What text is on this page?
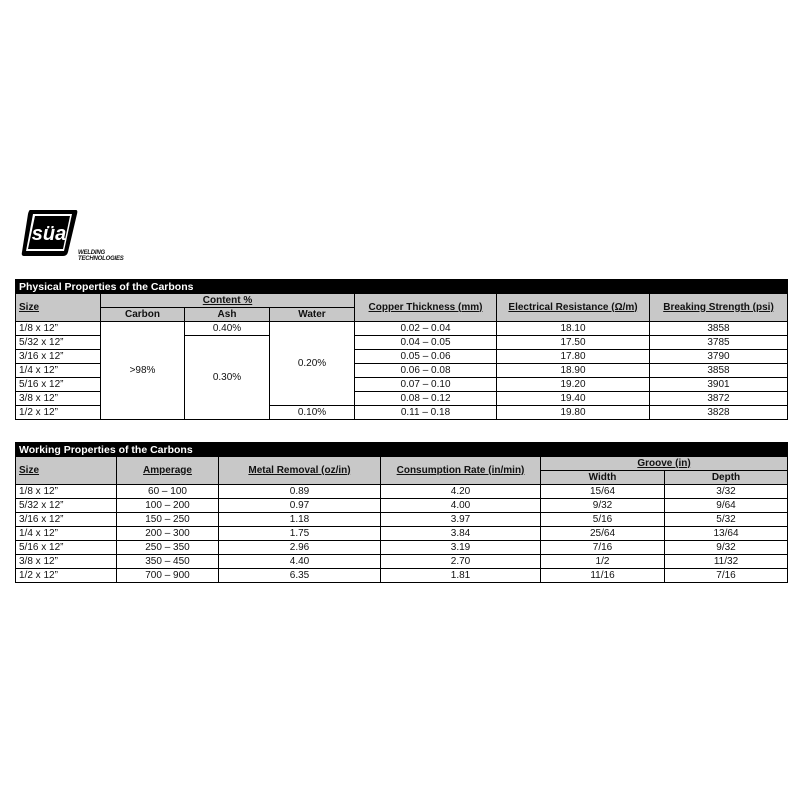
süa
WELDING
TECHNOLOGIES
Physical Properties of the Carbons						
Size	Content %			Copper Thickness (mm)	Electrical Resistance (Ω/m)	Breaking Strength (psi)
	Carbon	Ash	Water			
1/8 x 12”	>98%	0.40%	0.20%	0.02 – 0.04	18.10	3858
5/32 x 12”		0.30%		0.04 – 0.05	17.50	3785
3/16 x 12”				0.05 – 0.06	17.80	3790
1/4 x 12”				0.06 – 0.08	18.90	3858
5/16 x 12”				0.07 – 0.10	19.20	3901
3/8 x 12”				0.08 – 0.12	19.40	3872
1/2 x 12”			0.10%	0.11 – 0.18	19.80	3828
Working Properties of the Carbons					
Size	Amperage	Metal Removal (oz/in)	Consumption Rate (in/min)	Groove (in)	
				Width	Depth
1/8 x 12”	60 – 100	0.89	4.20	15/64	3/32
5/32 x 12”	100 – 200	0.97	4.00	9/32	9/64
3/16 x 12”	150 – 250	1.18	3.97	5/16	5/32
1/4 x 12”	200 – 300	1.75	3.84	25/64	13/64
5/16 x 12”	250 – 350	2.96	3.19	7/16	9/32
3/8 x 12”	350 – 450	4.40	2.70	1/2	11/32
1/2 x 12”	700 – 900	6.35	1.81	11/16	7/16
